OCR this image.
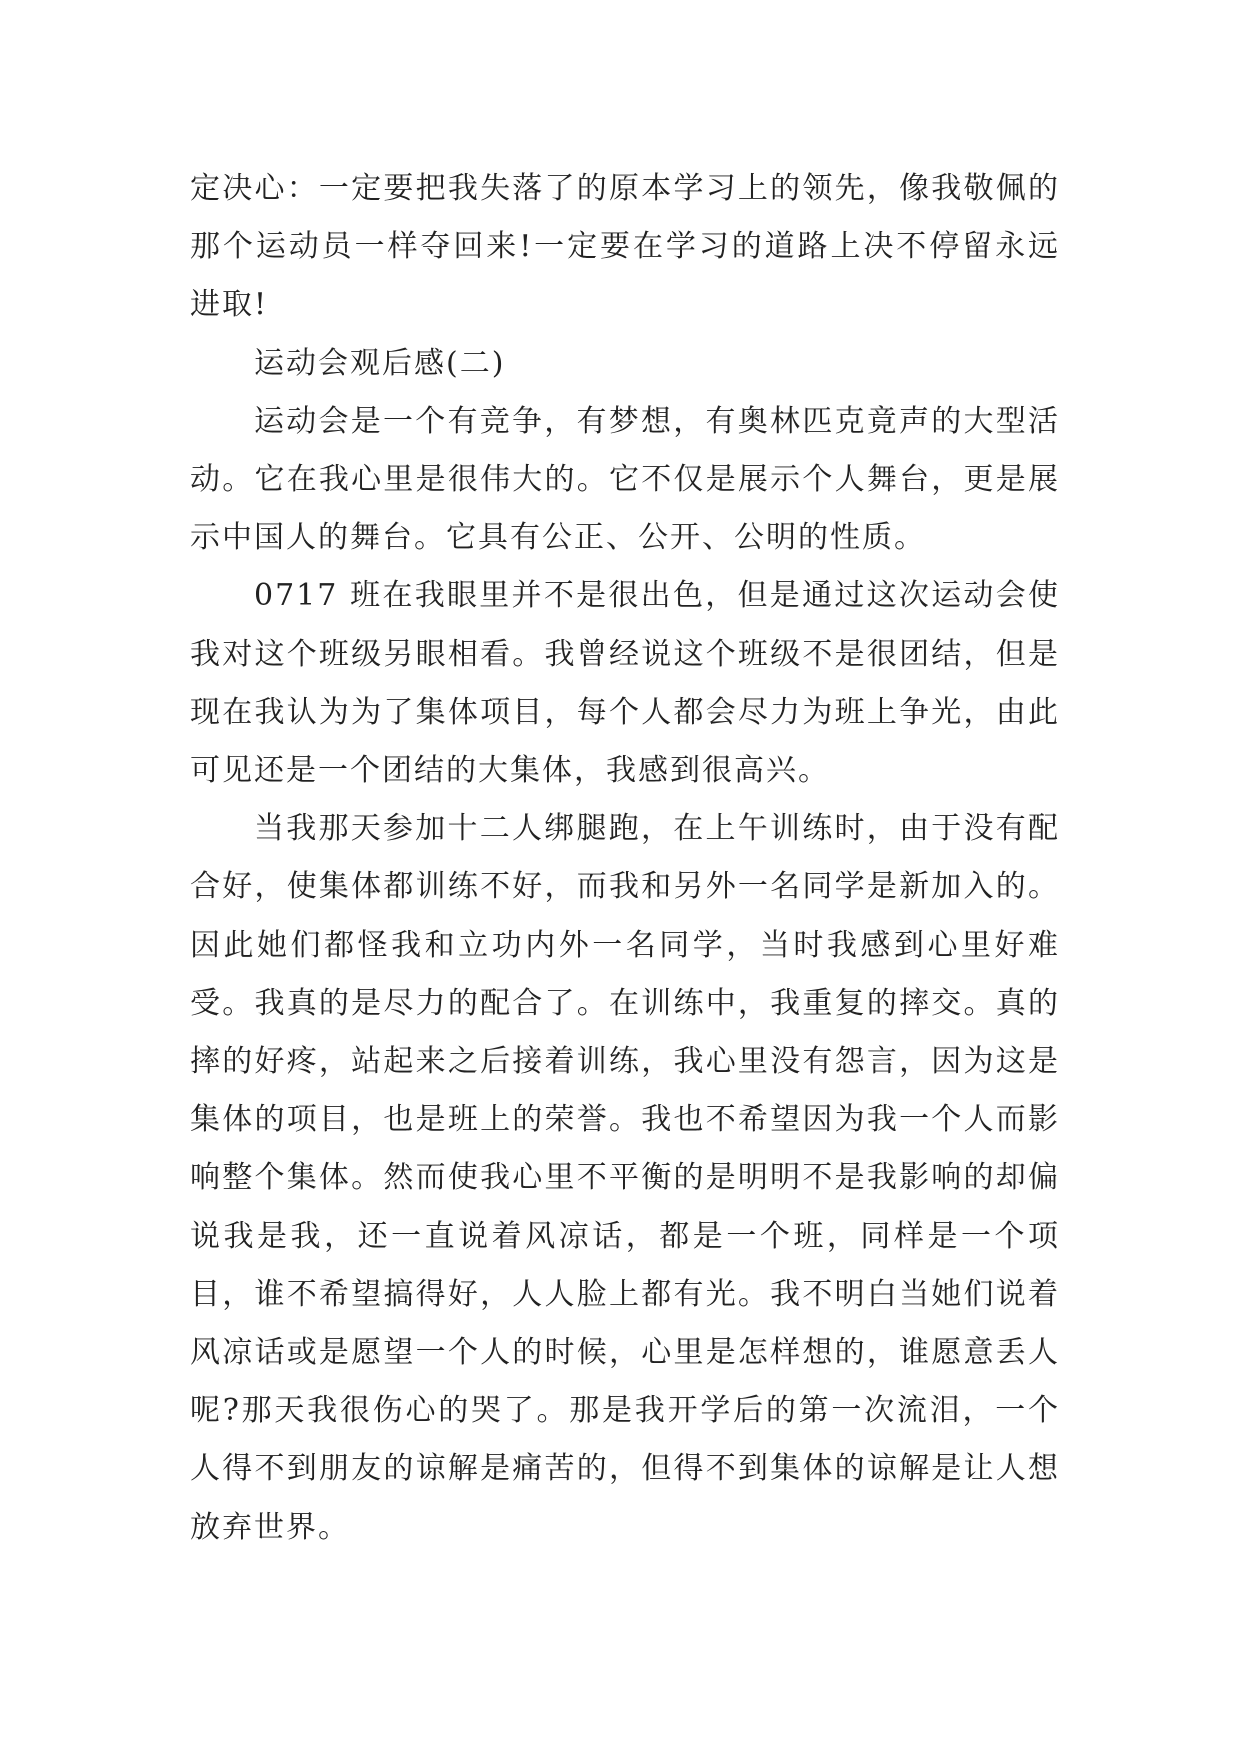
定决心：一定要把我失落了的原本学习上的领先，像我敬佩的那个运动员一样夺回来!一定要在学习的道路上决不停留永远进取!

运动会观后感(二)

运动会是一个有竞争，有梦想，有奥林匹克竟声的大型活动。它在我心里是很伟大的。它不仅是展示个人舞台，更是展示中国人的舞台。它具有公正、公开、公明的性质。

0717 班在我眼里并不是很出色，但是通过这次运动会使我对这个班级另眼相看。我曾经说这个班级不是很团结，但是现在我认为为了集体项目，每个人都会尽力为班上争光，由此可见还是一个团结的大集体，我感到很高兴。

当我那天参加十二人绑腿跑，在上午训练时，由于没有配合好，使集体都训练不好，而我和另外一名同学是新加入的。因此她们都怪我和立功内外一名同学，当时我感到心里好难受。我真的是尽力的配合了。在训练中，我重复的摔交。真的摔的好疼，站起来之后接着训练，我心里没有怨言，因为这是集体的项目，也是班上的荣誉。我也不希望因为我一个人而影响整个集体。然而使我心里不平衡的是明明不是我影响的却偏说我是我，还一直说着风凉话，都是一个班，同样是一个项目，谁不希望搞得好，人人脸上都有光。我不明白当她们说着风凉话或是愿望一个人的时候，心里是怎样想的，谁愿意丢人呢?那天我很伤心的哭了。那是我开学后的第一次流泪，一个人得不到朋友的谅解是痛苦的，但得不到集体的谅解是让人想放弃世界。
